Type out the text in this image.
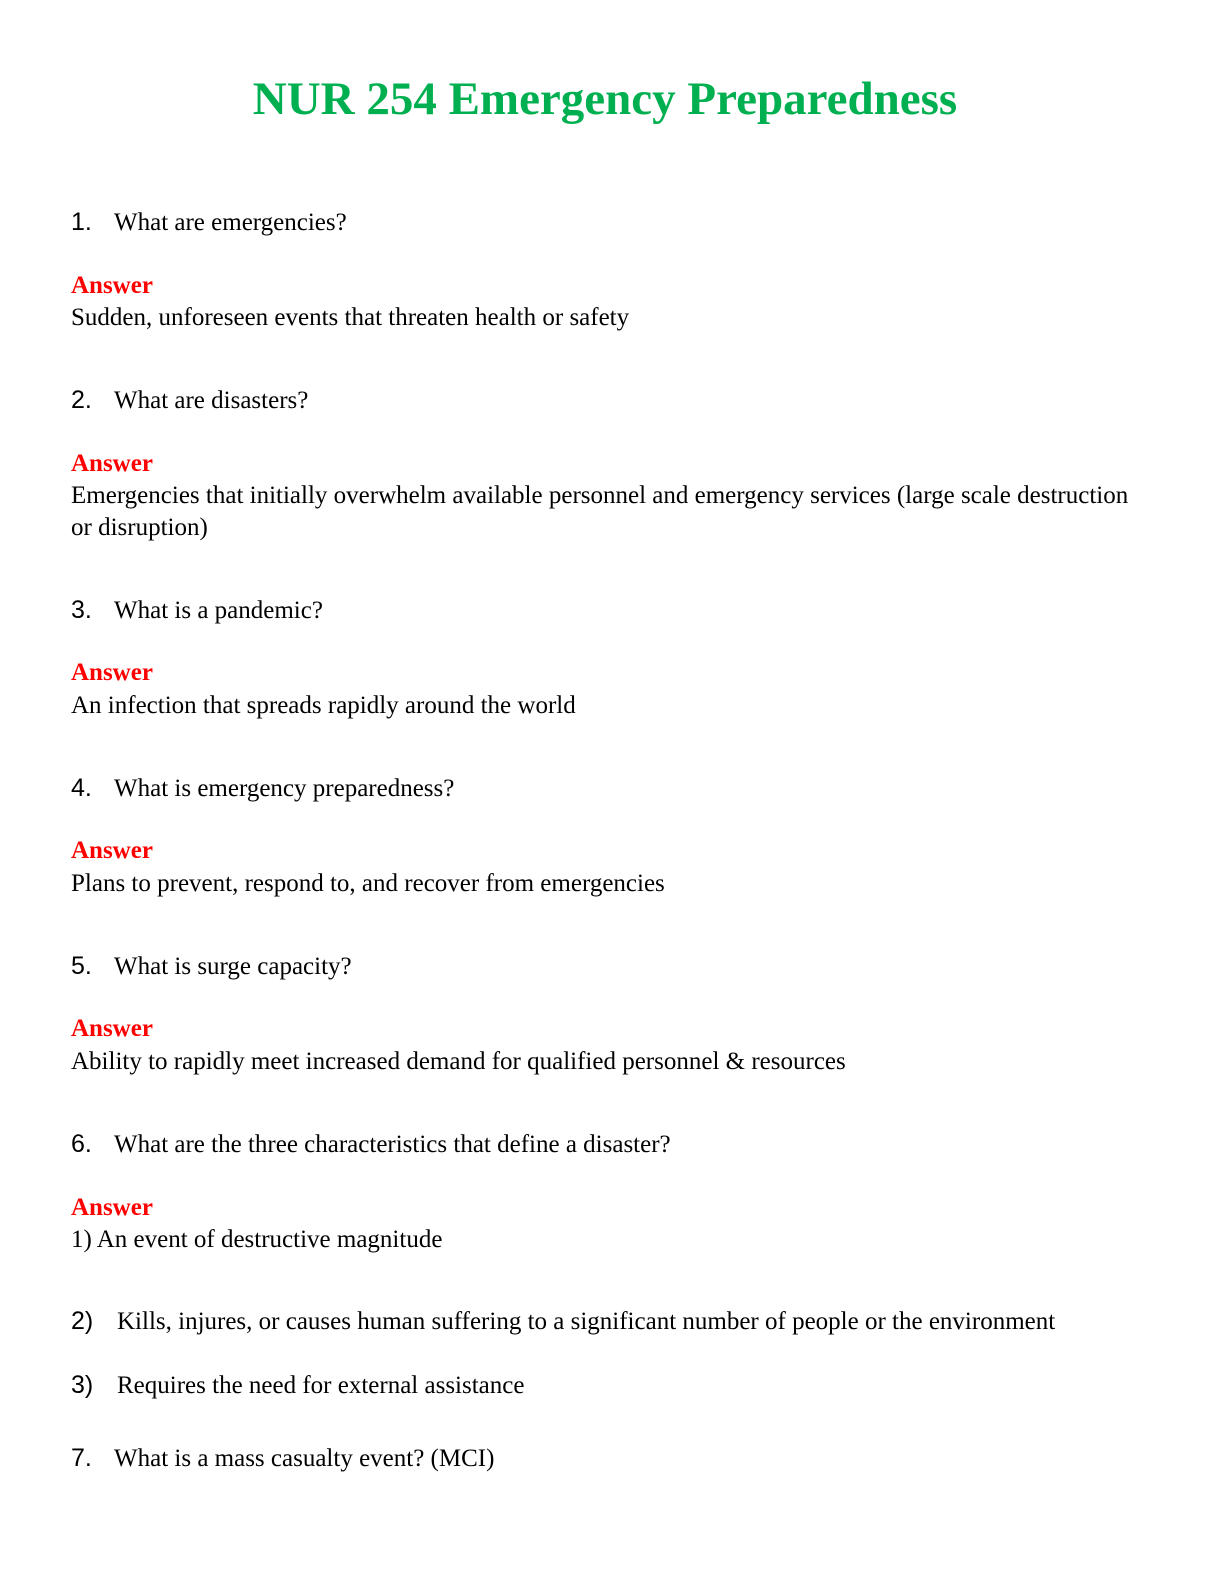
NUR 254 Emergency Preparedness
1. What are emergencies?
Answer
Sudden, unforeseen events that threaten health or safety
2. What are disasters?
Answer
Emergencies that initially overwhelm available personnel and emergency services (large scale destruction or disruption)
3. What is a pandemic?
Answer
An infection that spreads rapidly around the world
4. What is emergency preparedness?
Answer
Plans to prevent, respond to, and recover from emergencies
5. What is surge capacity?
Answer
Ability to rapidly meet increased demand for qualified personnel & resources
6. What are the three characteristics that define a disaster?
Answer
1) An event of destructive magnitude
2) Kills, injures, or causes human suffering to a significant number of people or the environment
3) Requires the need for external assistance
7. What is a mass casualty event? (MCI)
